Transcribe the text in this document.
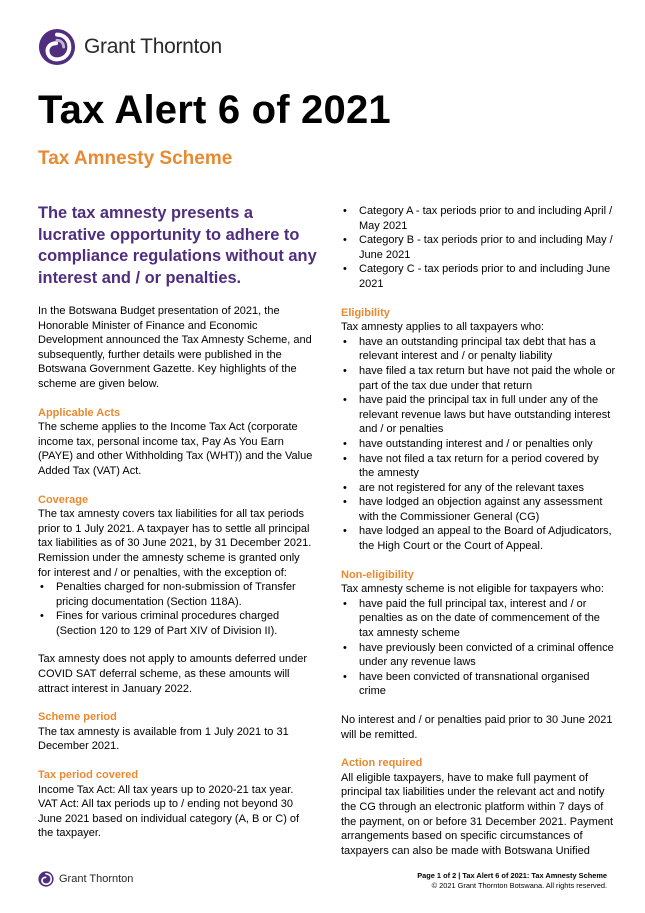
Grant Thornton
Tax Alert 6 of 2021
Tax Amnesty Scheme
The tax amnesty presents a lucrative opportunity to adhere to compliance regulations without any interest and / or penalties.

In the Botswana Budget presentation of 2021, the Honorable Minister of Finance and Economic Development announced the Tax Amnesty Scheme, and subsequently, further details were published in the Botswana Government Gazette. Key highlights of the scheme are given below.

Applicable Acts

The scheme applies to the Income Tax Act (corporate income tax, personal income tax, Pay As You Earn (PAYE) and other Withholding Tax (WHT)) and the Value Added Tax (VAT) Act.

Coverage

The tax amnesty covers tax liabilities for all tax periods prior to 1 July 2021. A taxpayer has to settle all principal tax liabilities as of 30 June 2021, by 31 December 2021. Remission under the amnesty scheme is granted only for interest and / or penalties, with the exception of:

• Penalties charged for non-submission of Transfer pricing documentation (Section 118A).
• Fines for various criminal procedures charged (Section 120 to 129 of Part XIV of Division II).

Tax amnesty does not apply to amounts deferred under COVID SAT deferral scheme, as these amounts will attract interest in January 2022.

Scheme period

The tax amnesty is available from 1 July 2021 to 31 December 2021.

Tax period covered

Income Tax Act: All tax years up to 2020-21 tax year.

VAT Act: All tax periods up to / ending not beyond 30 June 2021 based on individual category (A, B or C) of the taxpayer.

• Category A - tax periods prior to and including April / May 2021
• Category B - tax periods prior to and including May / June 2021
• Category C - tax periods prior to and including June 2021
Eligibility

Tax amnesty applies to all taxpayers who:

• have an outstanding principal tax debt that has a relevant interest and / or penalty liability
• have filed a tax return but have not paid the whole or part of the tax due under that return
• have paid the principal tax in full under any of the relevant revenue laws but have outstanding interest and / or penalties
• have outstanding interest and / or penalties only
• have not filed a tax return for a period covered by the amnesty
• are not registered for any of the relevant taxes
• have lodged an objection against any assessment with the Commissioner General (CG)
• have lodged an appeal to the Board of Adjudicators, the High Court or the Court of Appeal.
Non-eligibility

Tax amnesty scheme is not eligible for taxpayers who:

• have paid the full principal tax, interest and / or penalties as on the date of commencement of the tax amnesty scheme
• have previously been convicted of a criminal offence under any revenue laws
• have been convicted of transnational organised crime

No interest and / or penalties paid prior to 30 June 2021 will be remitted.

Action required

All eligible taxpayers, have to make full payment of principal tax liabilities under the relevant act and notify the CG through an electronic platform within 7 days of the payment, on or before 31 December 2021. Payment arrangements based on specific circumstances of taxpayers can also be made with Botswana Unified

Grant Thornton	Page 1 of 2 | Tax Alert 6 of 2021: Tax Amnesty Scheme
© 2021 Grant Thornton Botswana. All rights reserved.
